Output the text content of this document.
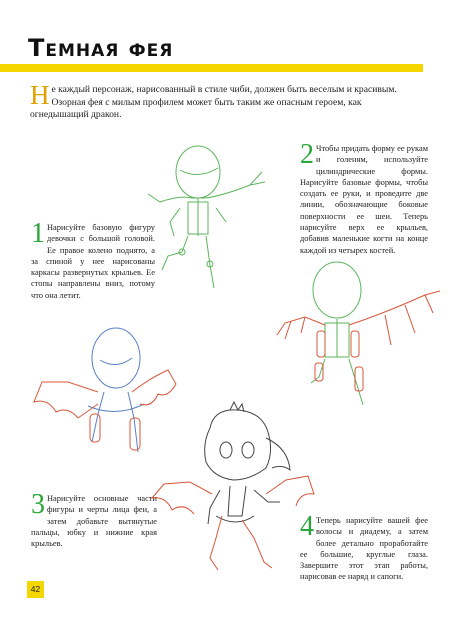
Темная фея
Н е каждый персонаж, нарисованный в стиле чиби, должен быть веселым и красивым. Озорная фея с милым профилем может быть таким же опасным героем, как огнедышащий дракон.
1 Нарисуйте базовую фигуру девочки с большой головой. Ее правое колено поднято, а за спиной у нее нарисованы каркасы развернутых крыльев. Ее стопы направлены вниз, потому что она летит.
2 Чтобы придать форму ее рукам и голеням, используйте цилиндрические формы. Нарисуйте базовые формы, чтобы создать ее руки, и проведите две линии, обозначающие боковые поверхности ее шеи. Теперь нарисуйте верх ее крыльев, добавив маленькие когти на конце каждой из четырех костей.
3 Нарисуйте основные части фигуры и черты лица феи, а затем добавьте вытянутые пальцы, юбку и нижние края крыльев.
4 Теперь нарисуйте вашей фее волосы и диадему, а затем более детально проработайте ее большие, круглые глаза. Завершите этот этап работы, нарисовав ее наряд и сапоги.
42
